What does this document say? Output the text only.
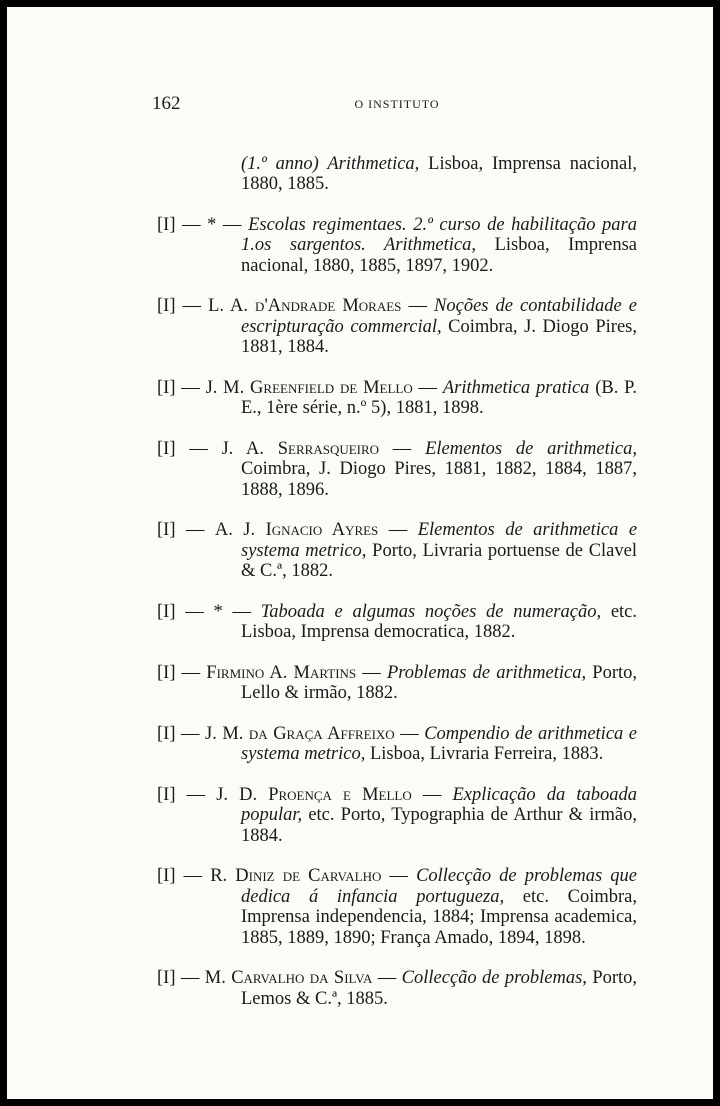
162	O INSTITUTO

(1.º anno) Arithmetica, Lisboa, Imprensa nacional, 1880, 1885.

[I] — * — Escolas regimentaes. 2.º curso de habilitação para 1.os sargentos. Arithmetica, Lisboa, Imprensa nacional, 1880, 1885, 1897, 1902.

[I] — L. A. d'Andrade Moraes — Noções de contabilidade e escripturação commercial, Coimbra, J. Diogo Pires, 1881, 1884.

[I] — J. M. Greenfield de Mello — Arithmetica pratica (B. P. E., 1ère série, n.º 5), 1881, 1898.

[I] — J. A. Serrasqueiro — Elementos de arithmetica, Coimbra, J. Diogo Pires, 1881, 1882, 1884, 1887, 1888, 1896.

[I] — A. J. Ignacio Ayres — Elementos de arithmetica e systema metrico, Porto, Livraria portuense de Clavel & C.ª, 1882.

[I] — * — Taboada e algumas noções de numeração, etc. Lisboa, Imprensa democratica, 1882.

[I] — Firmino A. Martins — Problemas de arithmetica, Porto, Lello & irmão, 1882.

[I] — J. M. da Graça Affreixo — Compendio de arithmetica e systema metrico, Lisboa, Livraria Ferreira, 1883.

[I] — J. D. Proença e Mello — Explicação da taboada popular, etc. Porto, Typographia de Arthur & irmão, 1884.

[I] — R. Diniz de Carvalho — Collecção de problemas que dedica á infancia portugueza, etc. Coimbra, Imprensa independencia, 1884; Imprensa academica, 1885, 1889, 1890; França Amado, 1894, 1898.

[I] — M. Carvalho da Silva — Collecção de problemas, Porto, Lemos & C.ª, 1885.
